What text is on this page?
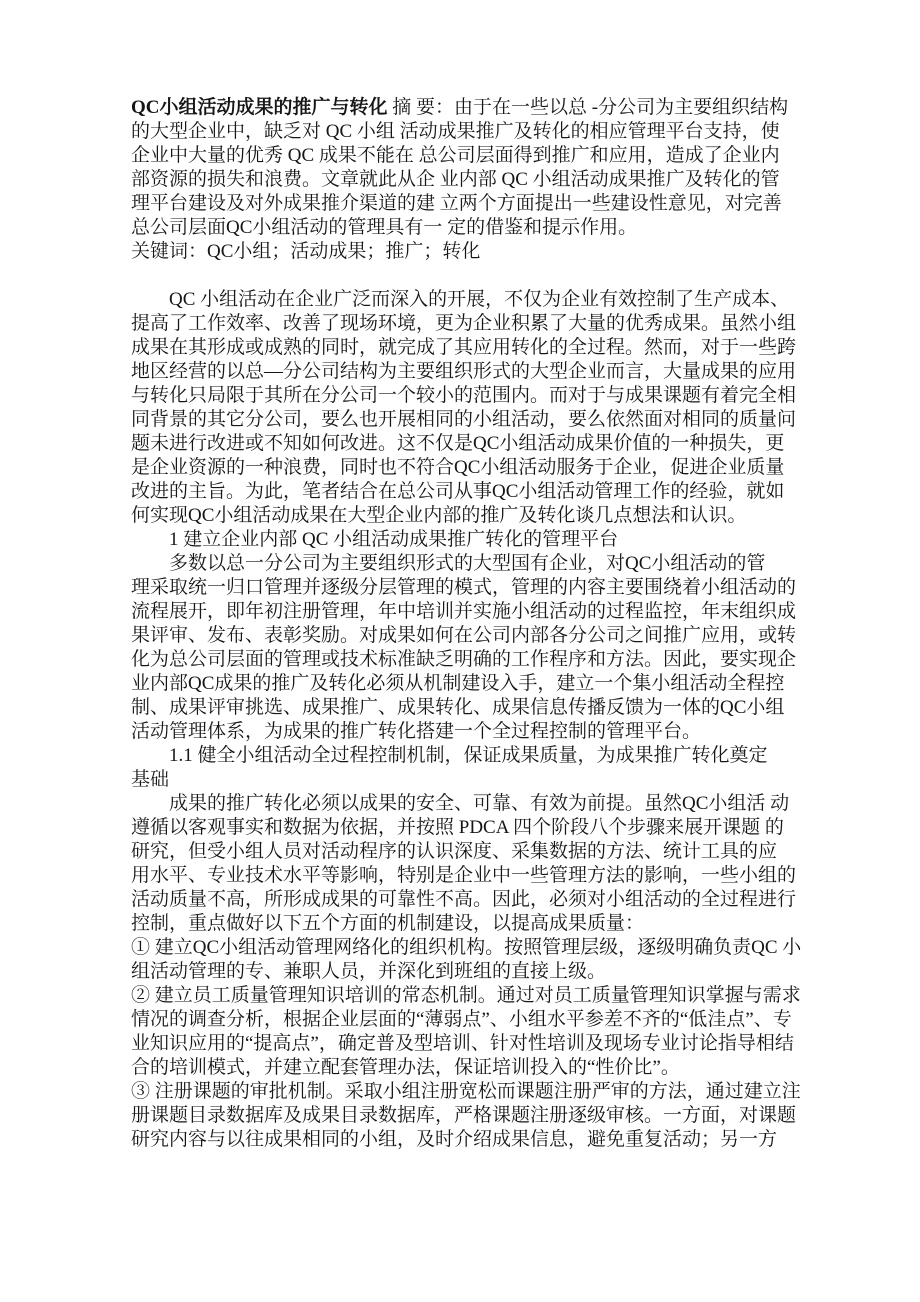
QC小组活动成果的推广与转化 摘 要：由于在一些以总 -分公司为主要组织结构
的大型企业中，缺乏对 QC 小组 活动成果推广及转化的相应管理平台支持，使
企业中大量的优秀 QC 成果不能在 总公司层面得到推广和应用，造成了企业内
部资源的损失和浪费。文章就此从企 业内部 QC 小组活动成果推广及转化的管
理平台建设及对外成果推介渠道的建 立两个方面提出一些建设性意见，对完善
总公司层面QC小组活动的管理具有一 定的借鉴和提示作用。
关键词：QC小组；活动成果；推广；转化
　　QC 小组活动在企业广泛而深入的开展，不仅为企业有效控制了生产成本、
提高了工作效率、改善了现场环境，更为企业积累了大量的优秀成果。虽然小组
成果在其形成或成熟的同时，就完成了其应用转化的全过程。然而，对于一些跨
地区经营的以总—分公司结构为主要组织形式的大型企业而言，大量成果的应用
与转化只局限于其所在分公司一个较小的范围内。而对于与成果课题有着完全相
同背景的其它分公司，要么也开展相同的小组活动，要么依然面对相同的质量问
题未进行改进或不知如何改进。这不仅是QC小组活动成果价值的一种损失，更
是企业资源的一种浪费，同时也不符合QC小组活动服务于企业，促进企业质量
改进的主旨。为此，笔者结合在总公司从事QC小组活动管理工作的经验，就如
何实现QC小组活动成果在大型企业内部的推广及转化谈几点想法和认识。
　　1 建立企业内部 QC 小组活动成果推广转化的管理平台
　　多数以总一分公司为主要组织形式的大型国有企业，对QC小组活动的管
理采取统一归口管理并逐级分层管理的模式，管理的内容主要围绕着小组活动的
流程展开，即年初注册管理，年中培训并实施小组活动的过程监控，年末组织成
果评审、发布、表彰奖励。对成果如何在公司内部各分公司之间推广应用，或转
化为总公司层面的管理或技术标准缺乏明确的工作程序和方法。因此，要实现企
业内部QC成果的推广及转化必须从机制建设入手，建立一个集小组活动全程控
制、成果评审挑选、成果推广、成果转化、成果信息传播反馈为一体的QC小组
活动管理体系，为成果的推广转化搭建一个全过程控制的管理平台。
　　1.1 健全小组活动全过程控制机制，保证成果质量，为成果推广转化奠定
基础
　　成果的推广转化必须以成果的安全、可靠、有效为前提。虽然QC小组活 动
遵循以客观事实和数据为依据，并按照 PDCA 四个阶段八个步骤来展开课题 的
研究，但受小组人员对活动程序的认识深度、采集数据的方法、统计工具的应
用水平、专业技术水平等影响，特别是企业中一些管理方法的影响，一些小组的
活动质量不高，所形成成果的可靠性不高。因此，必须对小组活动的全过程进行
控制，重点做好以下五个方面的机制建设，以提高成果质量：
① 建立QC小组活动管理网络化的组织机构。按照管理层级，逐级明确负责QC 小
组活动管理的专、兼职人员，并深化到班组的直接上级。
② 建立员工质量管理知识培训的常态机制。通过对员工质量管理知识掌握与需求
情况的调查分析，根据企业层面的“薄弱点”、小组水平参差不齐的“低洼点”、专
业知识应用的“提高点”，确定普及型培训、针对性培训及现场专业讨论指导相结
合的培训模式，并建立配套管理办法，保证培训投入的“性价比”。
③ 注册课题的审批机制。采取小组注册宽松而课题注册严审的方法，通过建立注
册课题目录数据库及成果目录数据库，严格课题注册逐级审核。一方面，对课题
研究内容与以往成果相同的小组，及时介绍成果信息，避免重复活动；另一方
